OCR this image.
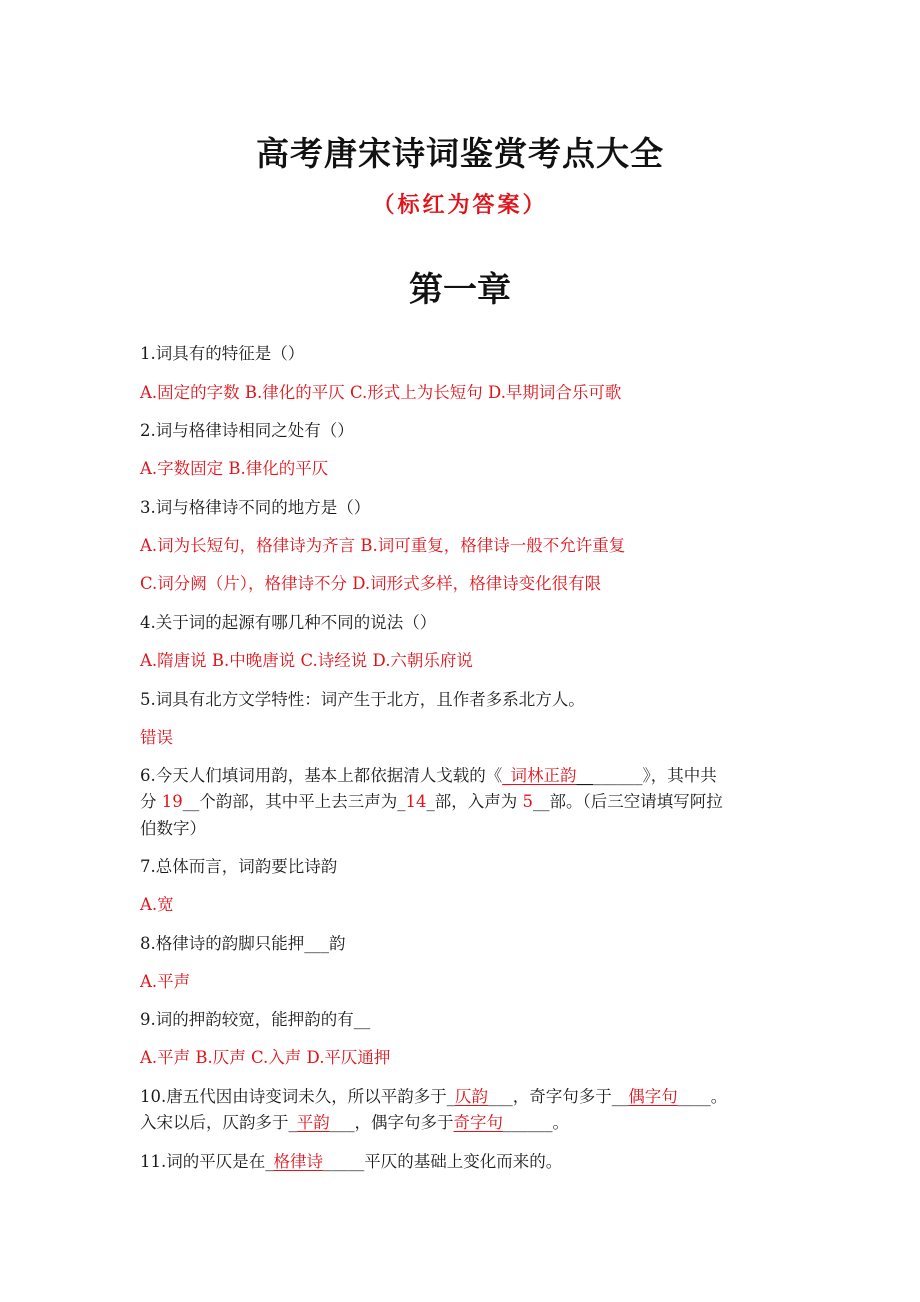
高考唐宋诗词鉴赏考点大全
（标红为答案）
第一章
1.词具有的特征是（）
A.固定的字数 B.律化的平仄 C.形式上为长短句 D.早期词合乐可歌
2.词与格律诗相同之处有（）
A.字数固定 B.律化的平仄
3.词与格律诗不同的地方是（）
A.词为长短句，格律诗为齐言 B.词可重复，格律诗一般不允许重复
C.词分阙（片），格律诗不分 D.词形式多样，格律诗变化很有限
4.关于词的起源有哪几种不同的说法（）
A.隋唐说 B.中晚唐说 C.诗经说 D.六朝乐府说
5.词具有北方文学特性：词产生于北方，且作者多系北方人。
错误
6.今天人们填词用韵，基本上都依据清人戈载的《_词林正韵________》，其中共
分 19__个韵部，其中平上去三声为_14_部，入声为 5__部。（后三空请填写阿拉
伯数字）
7.总体而言，词韵要比诗韵
A.宽
8.格律诗的韵脚只能押___韵
A.平声
9.词的押韵较宽，能押韵的有__
A.平声 B.仄声 C.入声 D.平仄通押
10.唐五代因由诗变词未久，所以平韵多于_仄韵___，奇字句多于__偶字句____。
入宋以后，仄韵多于_平韵___，偶字句多于奇字句______。
11.词的平仄是在_格律诗_____平仄的基础上变化而来的。
